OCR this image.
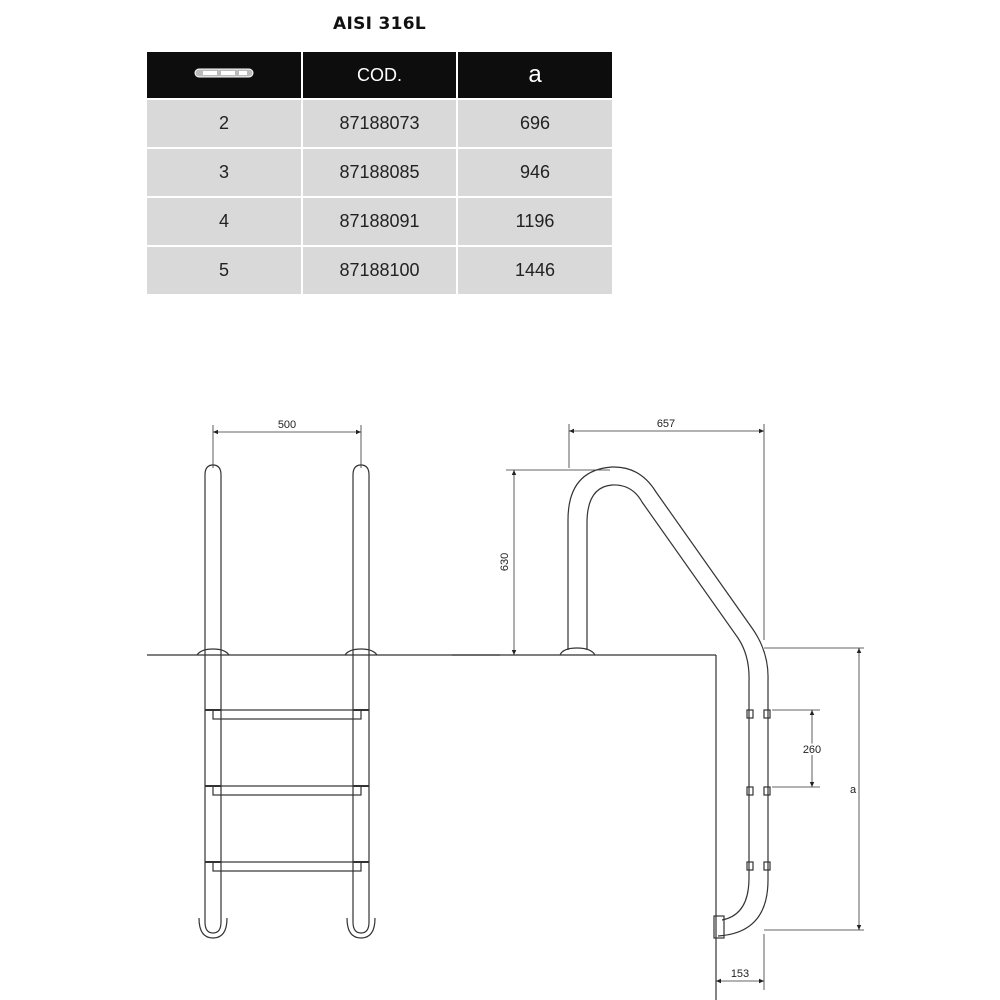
AISI 316L
	COD.	a
2	87188073	696
3	87188085	946
4	87188091	1196
5	87188100	1446
500	657
630
260
a
153
